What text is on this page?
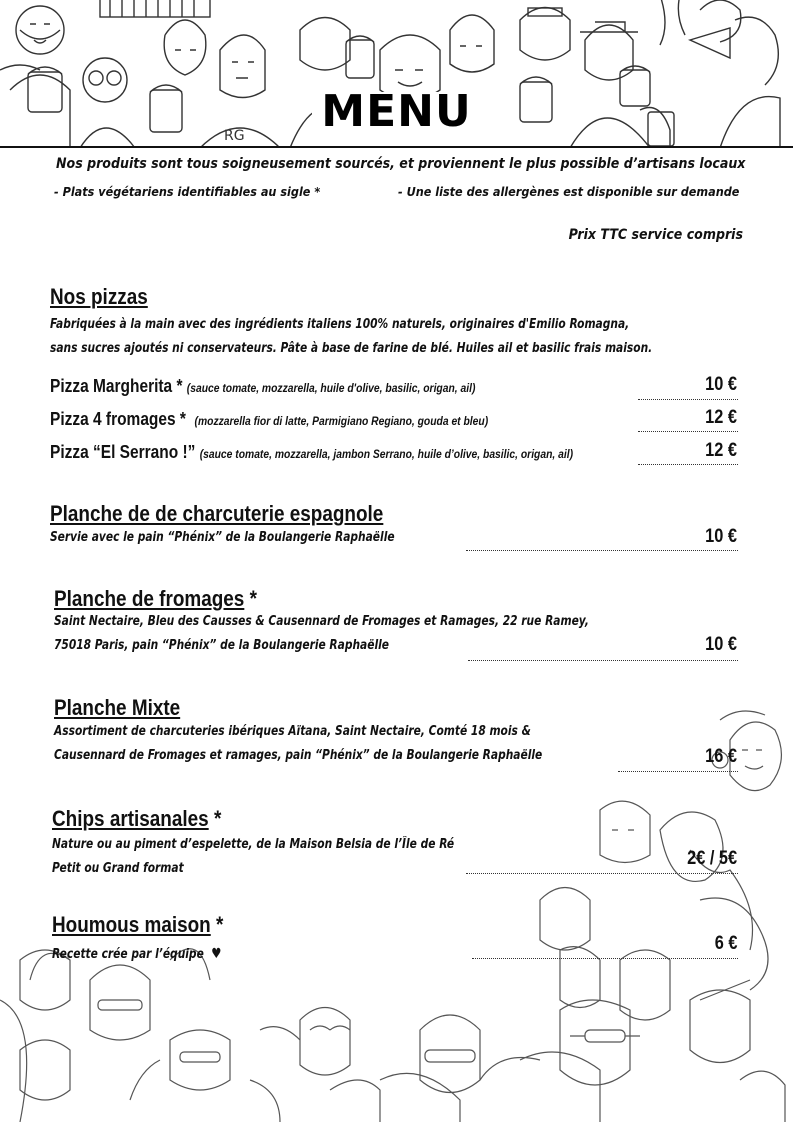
RG	MENU
Nos produits sont tous soigneusement sourcés, et proviennent le plus possible d’artisans locaux
- Plats végétariens identifiables au sigle *	- Une liste des allergènes est disponible sur demande
Prix TTC service compris
Nos pizzas
Fabriquées à la main avec des ingrédients italiens 100% naturels, originaires d'Emilio Romagna,
sans sucres ajoutés ni conservateurs. Pâte à base de farine de blé. Huiles ail et basilic frais maison.
Pizza Margherita * (sauce tomate, mozzarella, huile d'olive, basilic, origan, ail)	10 €
Pizza 4 fromages * (mozzarella fior di latte, Parmigiano Regiano, gouda et bleu)	12 €
Pizza “El Serrano !” (sauce tomate, mozzarella, jambon Serrano, huile d’olive, basilic, origan, ail)	12 €
Planche de de charcuterie espagnole
Servie avec le pain “Phénix” de la Boulangerie Raphaëlle	10 €
Planche de fromages *
Saint Nectaire, Bleu des Causses & Causennard de Fromages et Ramages, 22 rue Ramey,
75018 Paris, pain “Phénix” de la Boulangerie Raphaëlle	10 €
Planche Mixte
Assortiment de charcuteries ibériques Aïtana, Saint Nectaire, Comté 18 mois &
Causennard de Fromages et ramages, pain “Phénix” de la Boulangerie Raphaëlle	16 €
Chips artisanales *
Nature ou au piment d’espelette, de la Maison Belsia de l’Île de Ré
Petit ou Grand format	2€ / 5€
Houmous maison *
Recette crée par l’équipe ♥	6 €
